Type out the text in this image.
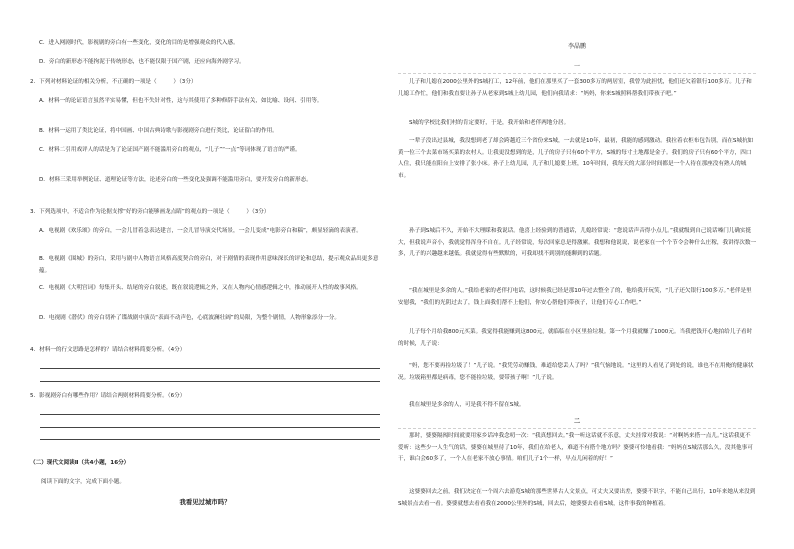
C．进入网剧时代，影视剧的旁白有一些变化，变化的目的是增强观众的代入感。
D．旁白的新形态不能拘泥于传统形态，也不能仅限于国产剧，还应向海外剧学习。
2．下列对材料论证的相关分析，不正确的一项是（　　　）（3分）
A．材料一的论证语言虽然平实易懂，但也不失针对性，这与其使用了多种修辞手法有关，如比喻、设问、引用等。
B．材料一运用了类比论证，将中国画、中国古典诗歌与影视剧旁白进行类比，论证留白的作用。
C．材料二引用戏评人的话是为了论证国产剧不能滥用旁白的观点，“儿子”“一点”等词体现了语言的严谨。
D．材料三采用举例论证、道理论证等方法，论述旁白的一些变化及强调不能滥用旁白，要开发旁白的新形态。
3．下列选项中，不适合作为论据支撑“好的旁白能够画龙点睛”的观点的一项是（　　　）（3分）
A．电视剧《欢乐颂》的旁白，一会儿冒着急表达建言，一会儿冒导演交代场景，一会儿变成“电影旁白和稿”，颇显轻滴的表演者。
B．电视剧《围城》的旁白，采用与剧中人物语言风格高度契合的旁白，对于剧情的表现作用意味深长的评论和总结，提示观众品出更多意蕴。
C．电视剧《大明宫词》每集开头、结尾的旁白叙述，既在叙说逻辑之外，又在人物内心情感逻辑之中，推动展开人性的故事风格。
D．电视剧《潜伏》的旁白切补了谍战剧中演员“表面不动声色，心底波澜壮阔”的局限，为整个剧情，人物形象添分一分。
4．材料一的行文思路是怎样的？请结合材料简要分析。（4分）
5．影视剧旁白有哪些作用？请结合两则材料简要分析。（6分）
（二）现代文阅读Ⅱ（共4小题，16分）
阅读下面的文字，完成下面小题。
我看见过城市吗？
李晶鹏
一
儿子和儿媳在2000公里外的S城打工，12年前，他们在那里买了一套300多万的两居室，我曾为此担忧，他们还欠着银行100多万。儿子和儿媳工作忙，他们和我直要让孙子从老家到S城上幼儿园，他们向我请求：“妈妈，你来S城照料帮我们带孩子吧。”
S城的学校比我们村的肯定要好，于是，我开始和老伴两地分居。
一辈子没出过县城，我没想到老了却会跨越近三个省份来S城，一去就是10年，最初，我能的感到激动。我拉着衣柜布包告别，而在S城抗如黄一位三个去菜市场买菜的农村人。让我更没想到的是，儿子的房子只有60个平方，S城的每寸土地都是金子。我们的房子只有60个平方，四口人住，我只能在阳台上安排了张小床。孙子上幼儿园，儿子和儿媳要上班，10年时间，我每天的大部分时间都是一个人待在那座没有熟人的城市。
孙子到S城后不久，开始不大理睬和我说话。他喜上经验到的普通话，儿媳经常说：“您说话声音得小点儿。”我就级到自己说话嗓门儿确实挺大，但我说声音小，我就觉得浑身不自在。儿子经常说，每次回家总是得激累。我想和他说说，说老家在一个个节令会种什么庄稼，我讲得次数一多，儿子的兴趣越来越低。我就觉得有些默默的，可我却找不到别的能聊到的话题。
“我在城里是多余的人。”我给老家的老伴打电话，这时候我已经是那10年过去整全了的，他给我开玩笑，“儿子还欠银行100多万。”老伴是里安慰我，“我们的光阴过去了，钱上面我们帮不上他们，你安心帮他们带孩子，让他们专心工作吧。”
儿子每个月给我800元买菜。我觉得我能赚到这800元，就临临在小区里捡垃圾。第一个月我就赚了1000元。当我把钱开心地拍给儿子看时的时候，儿子说：
“妈，您不要再捡垃圾了！”儿子说。“我凭劳动赚钱，难道给您丢人了吗？”我气恼地说。“这里的人看见了到处的说，谁也不在用俺的健康状况。垃圾箱里都是病毒，您不能捡垃圾，要带孩子啊！”儿子说。
我在城里是多余的人，可是我不得不留在S城。
二
那时，婆婆隔阂时间就要用家乡话冲我念叨一次：“我真想回去。”我一听这话就不乐意，丈夫挂常对我说：“对啊妈来搭一点儿。”这话我更不爱听：这些少一人生气的话，婆婆在城里待了10年，我们在给老人，难道不有搭个地方吗？婆婆可怜地看我：“妈妈在S城活那么久，没其他事可干，谁白会60多了，一个人在老家不放心事情。咱们儿子1个一样，早点儿闲着的好！”
这婆婆回去之前，我们决定在一个周六去游览S城的那些世界古人文景点，可丈夫又要出差，婆婆不识字，不能自己出行，10年来她从来没到S城景点去看一看。婆婆就想去看看我在2000公里外的S城，回去后，她婆婆去看看S城，这件事我的种植着。
